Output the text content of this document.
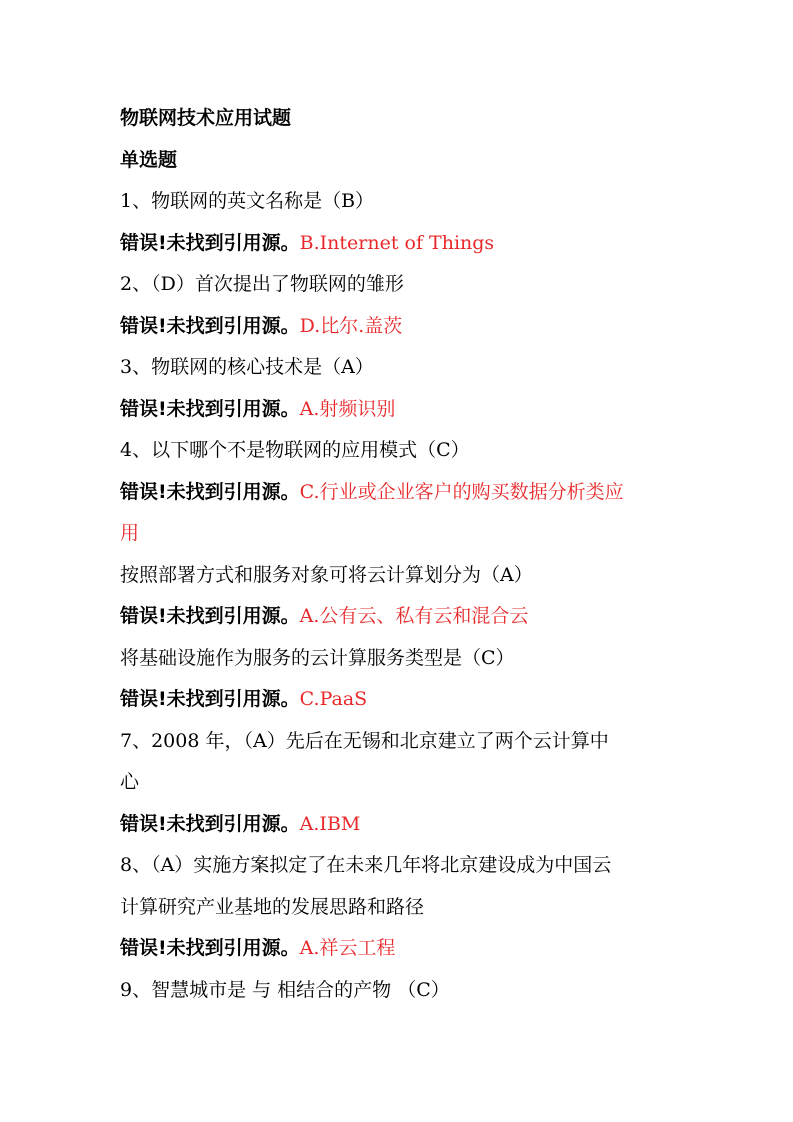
物联网技术应用试题
单选题
1、物联网的英文名称是（B）
错误!未找到引用源。B.Internet of Things
2、（D）首次提出了物联网的雏形
错误!未找到引用源。D.比尔.盖茨
3、物联网的核心技术是（A）
错误!未找到引用源。A.射频识别
4、以下哪个不是物联网的应用模式（C）
错误!未找到引用源。C.行业或企业客户的购买数据分析类应
用
按照部署方式和服务对象可将云计算划分为（A）
错误!未找到引用源。A.公有云、私有云和混合云
将基础设施作为服务的云计算服务类型是（C）
错误!未找到引用源。C.PaaS
7、2008 年，（A）先后在无锡和北京建立了两个云计算中
心
错误!未找到引用源。A.IBM
8、（A）实施方案拟定了在未来几年将北京建设成为中国云
计算研究产业基地的发展思路和路径
错误!未找到引用源。A.祥云工程
9、智慧城市是 与 相结合的产物 （C）
